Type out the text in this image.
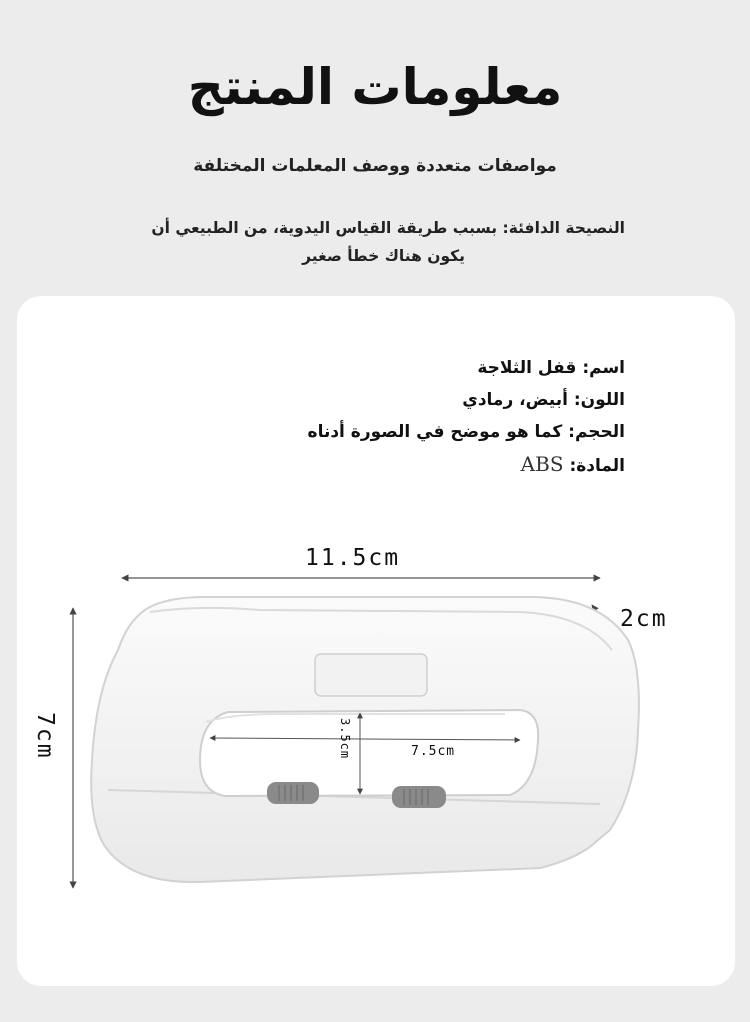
معلومات المنتج
مواصفات متعددة ووصف المعلمات المختلفة
النصيحة الدافئة: بسبب طريقة القياس اليدوية، من الطبيعي أن
يكون هناك خطأ صغير
اسم: قفل الثلاجة
اللون: أبيض، رمادي
الحجم: كما هو موضح في الصورة أدناه
المادة: ABS
11.5cm
2cm
7cm	3.5cm	7.5cm
